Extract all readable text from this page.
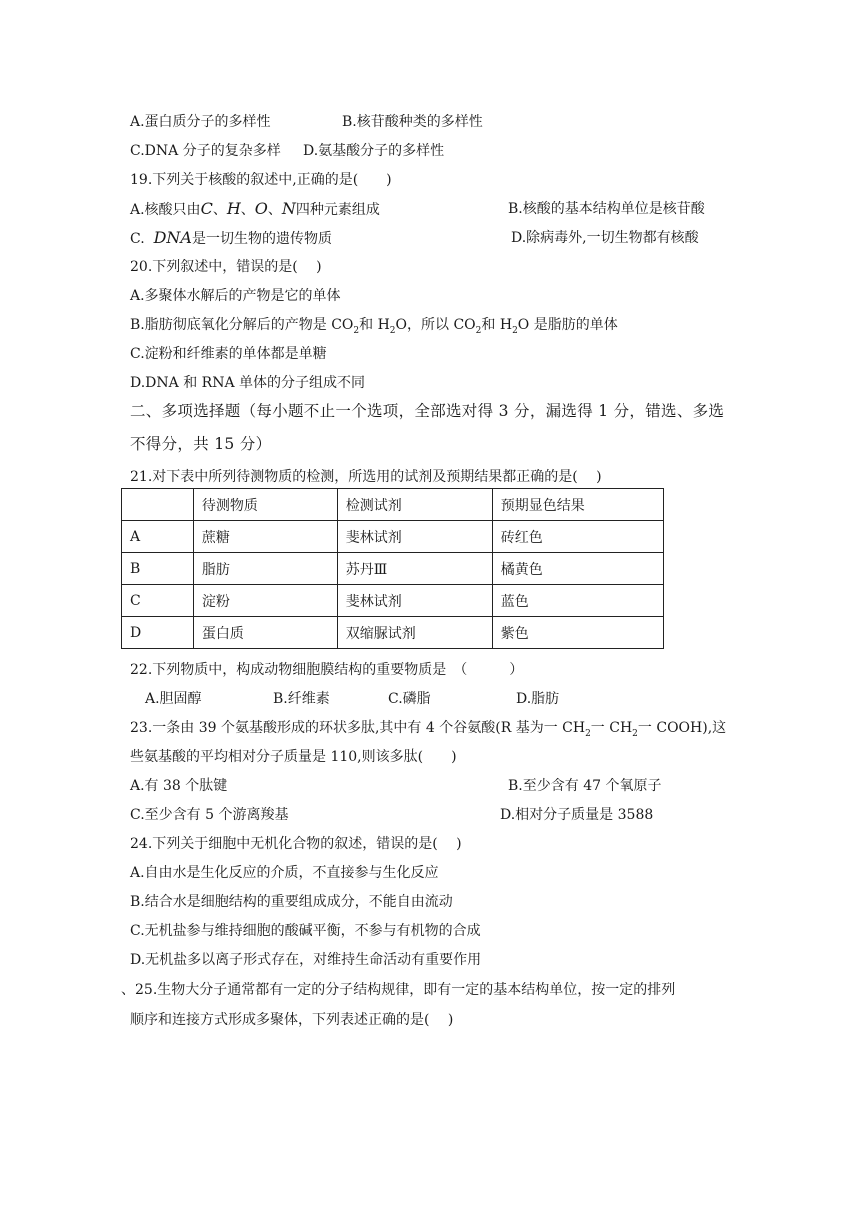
A.蛋白质分子的多样性	B.核苷酸种类的多样性
C.DNA 分子的复杂多样 D.氨基酸分子的多样性
19.下列关于核酸的叙述中,正确的是(　　)
A.核酸只由C、H、O、N四种元素组成	B.核酸的基本结构单位是核苷酸
C. DNA是一切生物的遗传物质	D.除病毒外,一切生物都有核酸
20.下列叙述中，错误的是(　 )
A.多聚体水解后的产物是它的单体
B.脂肪彻底氧化分解后的产物是 $CO_2$和 $H_2O$，所以 $CO_2$和 $H_2O$ 是脂肪的单体
C.淀粉和纤维素的单体都是单糖
D.DNA 和 RNA 单体的分子组成不同
二、多项选择题（每小题不止一个选项，全部选对得 3 分，漏选得 1 分，错选、多选
不得分，共 15 分）
21.对下表中所列待测物质的检测，所选用的试剂及预期结果都正确的是(　 )
	待测物质	检测试剂	预期显色结果
A	蔗糖	斐林试剂	砖红色
B	脂肪	苏丹Ⅲ	橘黄色
C	淀粉	斐林试剂	蓝色
D	蛋白质	双缩脲试剂	紫色
22.下列物质中，构成动物细胞膜结构的重要物质是　（　　　）
A.胆固醇	B.纤维素	C.磷脂	D.脂肪
23.一条由 39 个氨基酸形成的环状多肽,其中有 4 个谷氨酸(R 基为一 $CH_2$一 $CH_2$一 COOH),这
些氨基酸的平均相对分子质量是 110,则该多肽(　　)
A.有 38 个肽键	B.至少含有 47 个氧原子
C.至少含有 5 个游离羧基	D.相对分子质量是 3588
24.下列关于细胞中无机化合物的叙述，错误的是(　 )
A.自由水是生化反应的介质，不直接参与生化反应
B.结合水是细胞结构的重要组成成分，不能自由流动
C.无机盐参与维持细胞的酸碱平衡，不参与有机物的合成
D.无机盐多以离子形式存在，对维持生命活动有重要作用
、25.生物大分子通常都有一定的分子结构规律，即有一定的基本结构单位，按一定的排列
顺序和连接方式形成多聚体，下列表述正确的是(　 )
